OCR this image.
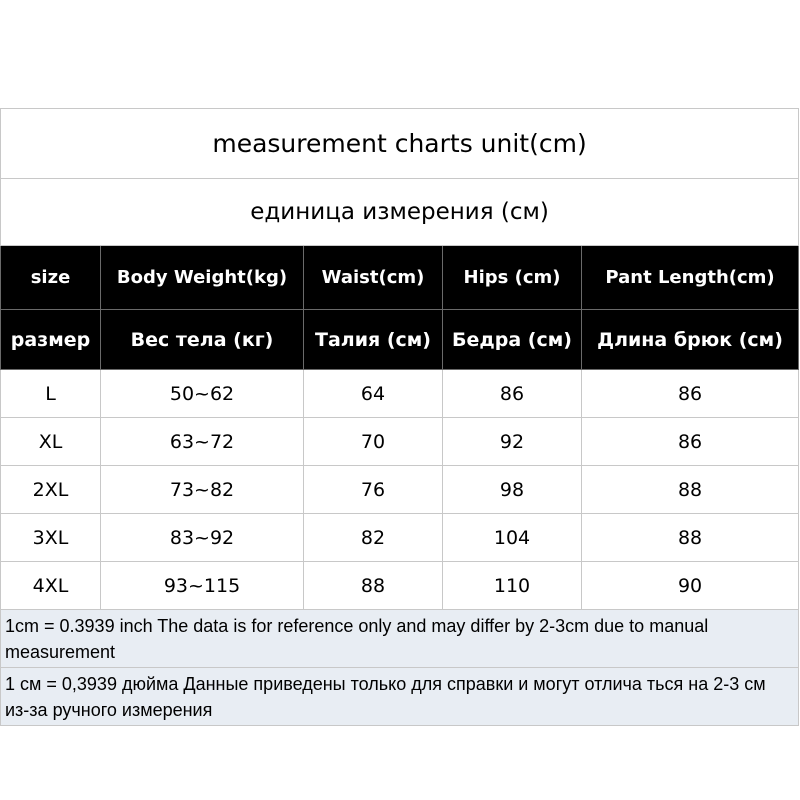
measurement charts unit(cm)				
единица измерения (см)				
size	Body Weight(kg)	Waist(cm)	Hips (cm)	Pant Length(cm)
размер	Вес тела (кг)	Талия (см)	Бедра (см)	Длина брюк (см)
L	50~62	64	86	86
XL	63~72	70	92	86
2XL	73~82	76	98	88
3XL	83~92	82	104	88
4XL	93~115	88	110	90
1cm = 0.3939 inch The data is for reference only and may differ by 2-3cm due to manual measurement				
1 см = 0,3939 дюйма Данные приведены только для справки и могут отлича ться на 2-3 см из-за ручного измерения				
